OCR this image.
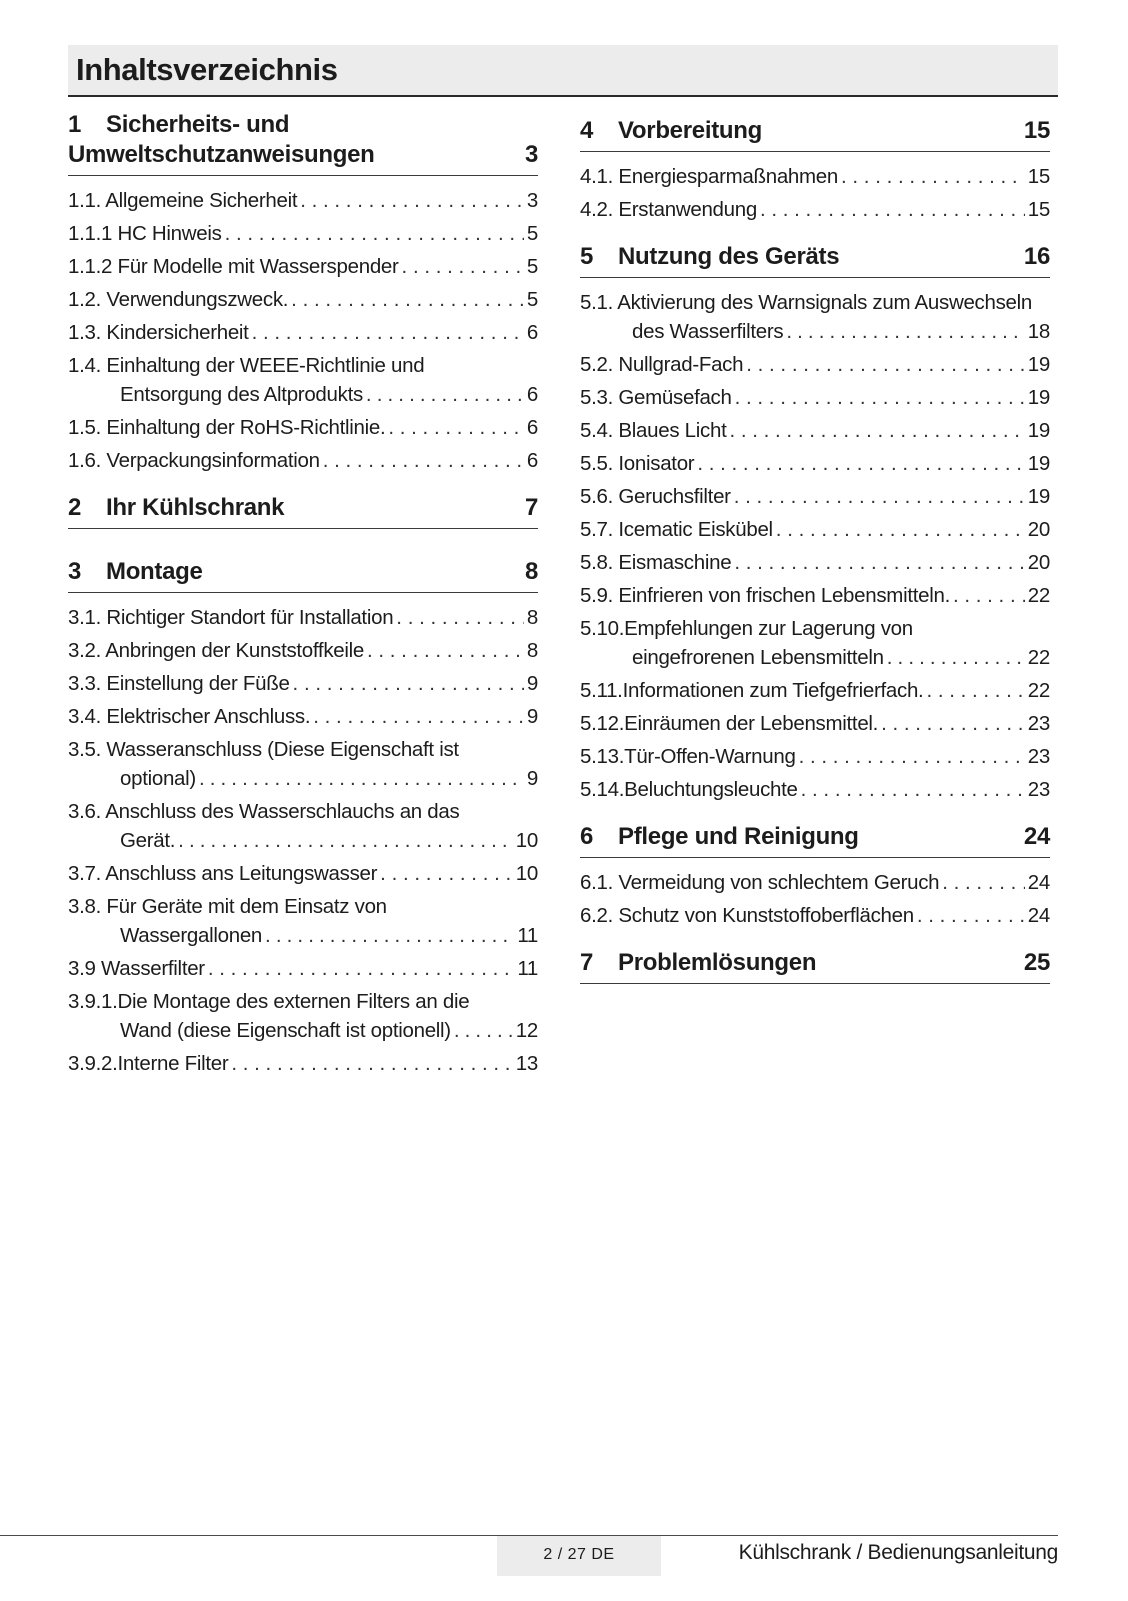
Inhaltsverzeichnis
1	Sicherheits- und
Umweltschutzanweisungen	3
1.1. Allgemeine Sicherheit . . .	3
1.1.1 HC Hinweis . . .	5
1.1.2 Für Modelle mit Wasserspender . . .	5
1.2. Verwendungszweck. . . .	5
1.3. Kindersicherheit . . .	6
1.4. Einhaltung der WEEE-Richtlinie und
Entsorgung des Altprodukts . . .	6
1.5. Einhaltung der RoHS-Richtlinie. . . .	6
1.6. Verpackungsinformation . . .	6
2	Ihr Kühlschrank	7
3	Montage	8
3.1. Richtiger Standort für Installation . . .	8
3.2. Anbringen der Kunststoffkeile . . .	8
3.3. Einstellung der Füße . . .	9
3.4. Elektrischer Anschluss. . . .	9
3.5. Wasseranschluss (Diese Eigenschaft ist
optional) . . .	9
3.6. Anschluss des Wasserschlauchs an das
Gerät. . . .	10
3.7. Anschluss ans Leitungswasser . . .	10
3.8. Für Geräte mit dem Einsatz von
Wassergallonen . . .	11
3.9 Wasserfilter . . .	11
3.9.1.Die Montage des externen Filters an die
Wand (diese Eigenschaft ist optionell) . . .	12
3.9.2.Interne Filter . . .	13
4	Vorbereitung	15
4.1. Energiesparmaßnahmen . . .	15
4.2. Erstanwendung . . .	15
5	Nutzung des Geräts	16
5.1. Aktivierung des Warnsignals zum Auswechseln
des Wasserfilters . . .	18
5.2. Nullgrad-Fach . . .	19
5.3. Gemüsefach . . .	19
5.4. Blaues Licht . . .	19
5.5. Ionisator . . .	19
5.6. Geruchsfilter . . .	19
5.7. Icematic Eiskübel . . .	20
5.8. Eismaschine . . .	20
5.9. Einfrieren von frischen Lebensmitteln. . . .	22
5.10.Empfehlungen zur Lagerung von
eingefrorenen Lebensmitteln . . .	22
5.11.Informationen zum Tiefgefrierfach. . . .	22
5.12.Einräumen der Lebensmittel. . . .	23
5.13.Tür-Offen-Warnung . . .	23
5.14.Beluchtungsleuchte . . .	23
6	Pflege und Reinigung	24
6.1. Vermeidung von schlechtem Geruch . . .	24
6.2. Schutz von Kunststoffoberflächen . . .	24
7	Problemlösungen	25
2 / 27 DE	Kühlschrank / Bedienungsanleitung
